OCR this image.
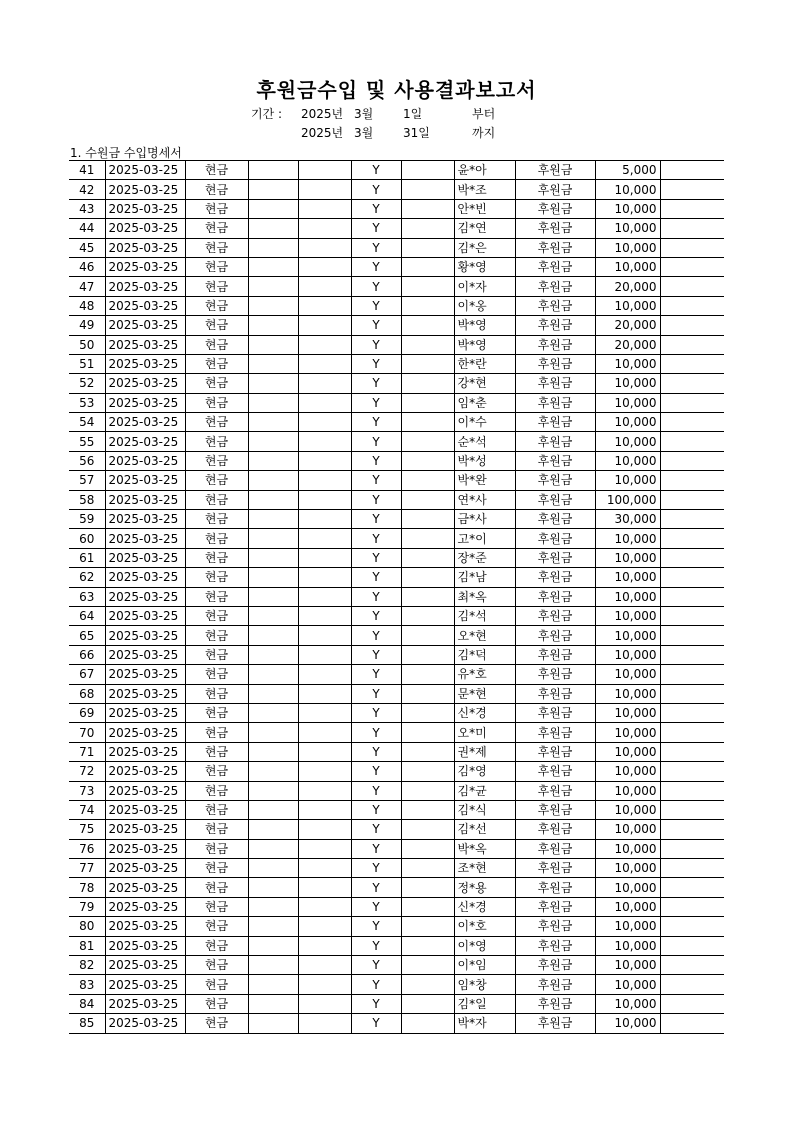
후원금수입 및 사용결과보고서
기간 : 2025년 3월 1일	부터
2025년 3월 31일	까지
1. 수원금 수입명세서
41	2025-03-25	현금			Y		윤*아	후원금	5,000	
42	2025-03-25	현금			Y		박*조	후원금	10,000	
43	2025-03-25	현금			Y		안*빈	후원금	10,000	
44	2025-03-25	현금			Y		김*연	후원금	10,000	
45	2025-03-25	현금			Y		김*은	후원금	10,000	
46	2025-03-25	현금			Y		황*영	후원금	10,000	
47	2025-03-25	현금			Y		이*자	후원금	20,000	
48	2025-03-25	현금			Y		이*옹	후원금	10,000	
49	2025-03-25	현금			Y		박*영	후원금	20,000	
50	2025-03-25	현금			Y		박*영	후원금	20,000	
51	2025-03-25	현금			Y		한*란	후원금	10,000	
52	2025-03-25	현금			Y		강*현	후원금	10,000	
53	2025-03-25	현금			Y		임*춘	후원금	10,000	
54	2025-03-25	현금			Y		이*수	후원금	10,000	
55	2025-03-25	현금			Y		순*석	후원금	10,000	
56	2025-03-25	현금			Y		박*성	후원금	10,000	
57	2025-03-25	현금			Y		박*완	후원금	10,000	
58	2025-03-25	현금			Y		연*사	후원금	100,000	
59	2025-03-25	현금			Y		금*사	후원금	30,000	
60	2025-03-25	현금			Y		고*이	후원금	10,000	
61	2025-03-25	현금			Y		장*준	후원금	10,000	
62	2025-03-25	현금			Y		김*남	후원금	10,000	
63	2025-03-25	현금			Y		최*옥	후원금	10,000	
64	2025-03-25	현금			Y		김*석	후원금	10,000	
65	2025-03-25	현금			Y		오*현	후원금	10,000	
66	2025-03-25	현금			Y		김*덕	후원금	10,000	
67	2025-03-25	현금			Y		유*호	후원금	10,000	
68	2025-03-25	현금			Y		문*현	후원금	10,000	
69	2025-03-25	현금			Y		신*경	후원금	10,000	
70	2025-03-25	현금			Y		오*미	후원금	10,000	
71	2025-03-25	현금			Y		권*제	후원금	10,000	
72	2025-03-25	현금			Y		김*영	후원금	10,000	
73	2025-03-25	현금			Y		김*균	후원금	10,000	
74	2025-03-25	현금			Y		김*식	후원금	10,000	
75	2025-03-25	현금			Y		김*선	후원금	10,000	
76	2025-03-25	현금			Y		박*옥	후원금	10,000	
77	2025-03-25	현금			Y		조*현	후원금	10,000	
78	2025-03-25	현금			Y		정*용	후원금	10,000	
79	2025-03-25	현금			Y		신*경	후원금	10,000	
80	2025-03-25	현금			Y		이*호	후원금	10,000	
81	2025-03-25	현금			Y		이*영	후원금	10,000	
82	2025-03-25	현금			Y		이*임	후원금	10,000	
83	2025-03-25	현금			Y		임*창	후원금	10,000	
84	2025-03-25	현금			Y		김*일	후원금	10,000	
85	2025-03-25	현금			Y		박*자	후원금	10,000	
